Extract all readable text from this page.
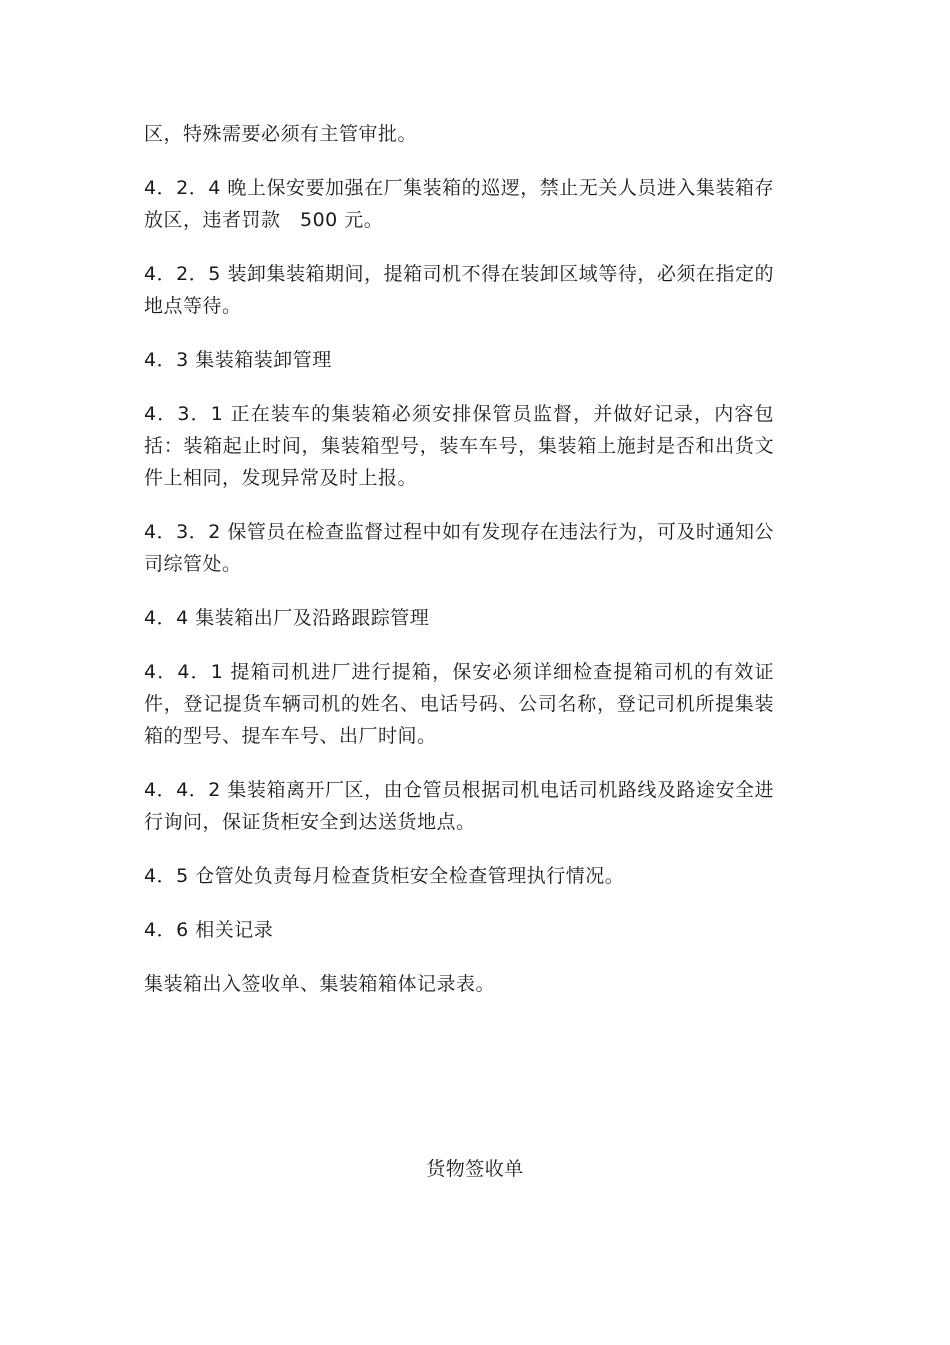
区，特殊需要必须有主管审批。

4．2．4 晚上保安要加强在厂集装箱的巡逻，禁止无关人员进入集装箱存放区，违者罚款　500 元。

4．2．5 装卸集装箱期间，提箱司机不得在装卸区域等待，必须在指定的地点等待。

4．3 集装箱装卸管理

4．3．1 正在装车的集装箱必须安排保管员监督，并做好记录，内容包括：装箱起止时间，集装箱型号，装车车号，集装箱上施封是否和出货文件上相同，发现异常及时上报。

4．3．2 保管员在检查监督过程中如有发现存在违法行为，可及时通知公司综管处。

4．4 集装箱出厂及沿路跟踪管理

4．4．1 提箱司机进厂进行提箱，保安必须详细检查提箱司机的有效证件，登记提货车辆司机的姓名、电话号码、公司名称，登记司机所提集装箱的型号、提车车号、出厂时间。

4．4．2 集装箱离开厂区，由仓管员根据司机电话司机路线及路途安全进行询问，保证货柜安全到达送货地点。

4．5 仓管处负责每月检查货柜安全检查管理执行情况。

4．6 相关记录

集装箱出入签收单、集装箱箱体记录表。

货物签收单
